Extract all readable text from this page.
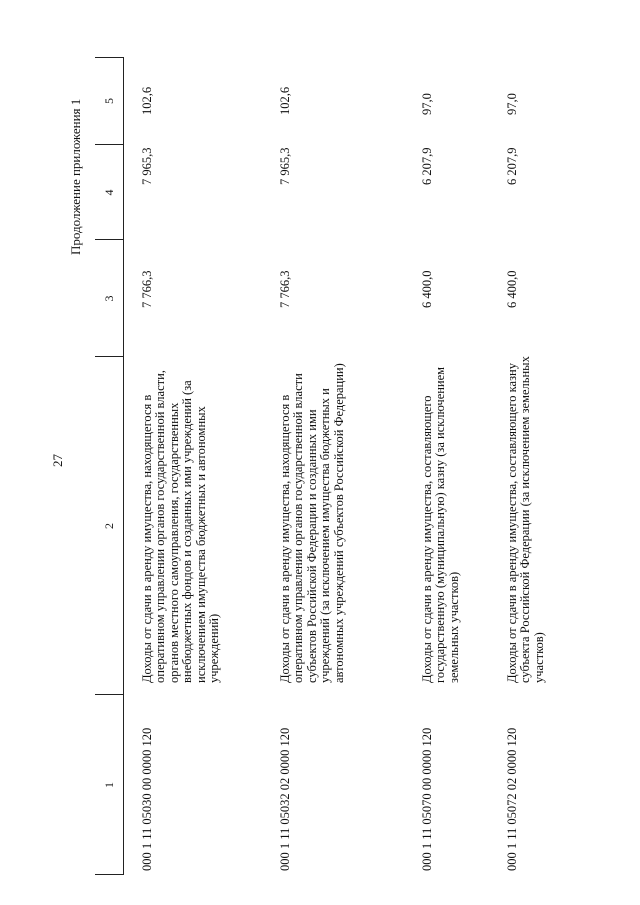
27
Продолжение приложения 1
1
2
3
4
5
000 1 11 05030 00 0000 120
Доходы от сдачи в аренду имущества, находящегося в оперативном управлении органов государственной власти, органов местного самоуправления, государственных внебюджетных фондов и созданных ими учреждений (за исключением имущества бюджетных и автономных учреждений)
7 766,3
7 965,3
102,6
000 1 11 05032 02 0000 120
Доходы от сдачи в аренду имущества, находящегося в оперативном управлении органов государственной власти субъектов Российской Федерации и созданных ими учреждений (за исключением имущества бюджетных и автономных учреждений субъектов Российской Федерации)
7 766,3
7 965,3
102,6
000 1 11 05070 00 0000 120
Доходы от сдачи в аренду имущества, составляющего государственную (муниципальную) казну (за исключением земельных участков)
6 400,0
6 207,9
97,0
000 1 11 05072 02 0000 120
Доходы от сдачи в аренду имущества, составляющего казну субъекта Российской Федерации (за исключением земельных участков)
6 400,0
6 207,9
97,0
